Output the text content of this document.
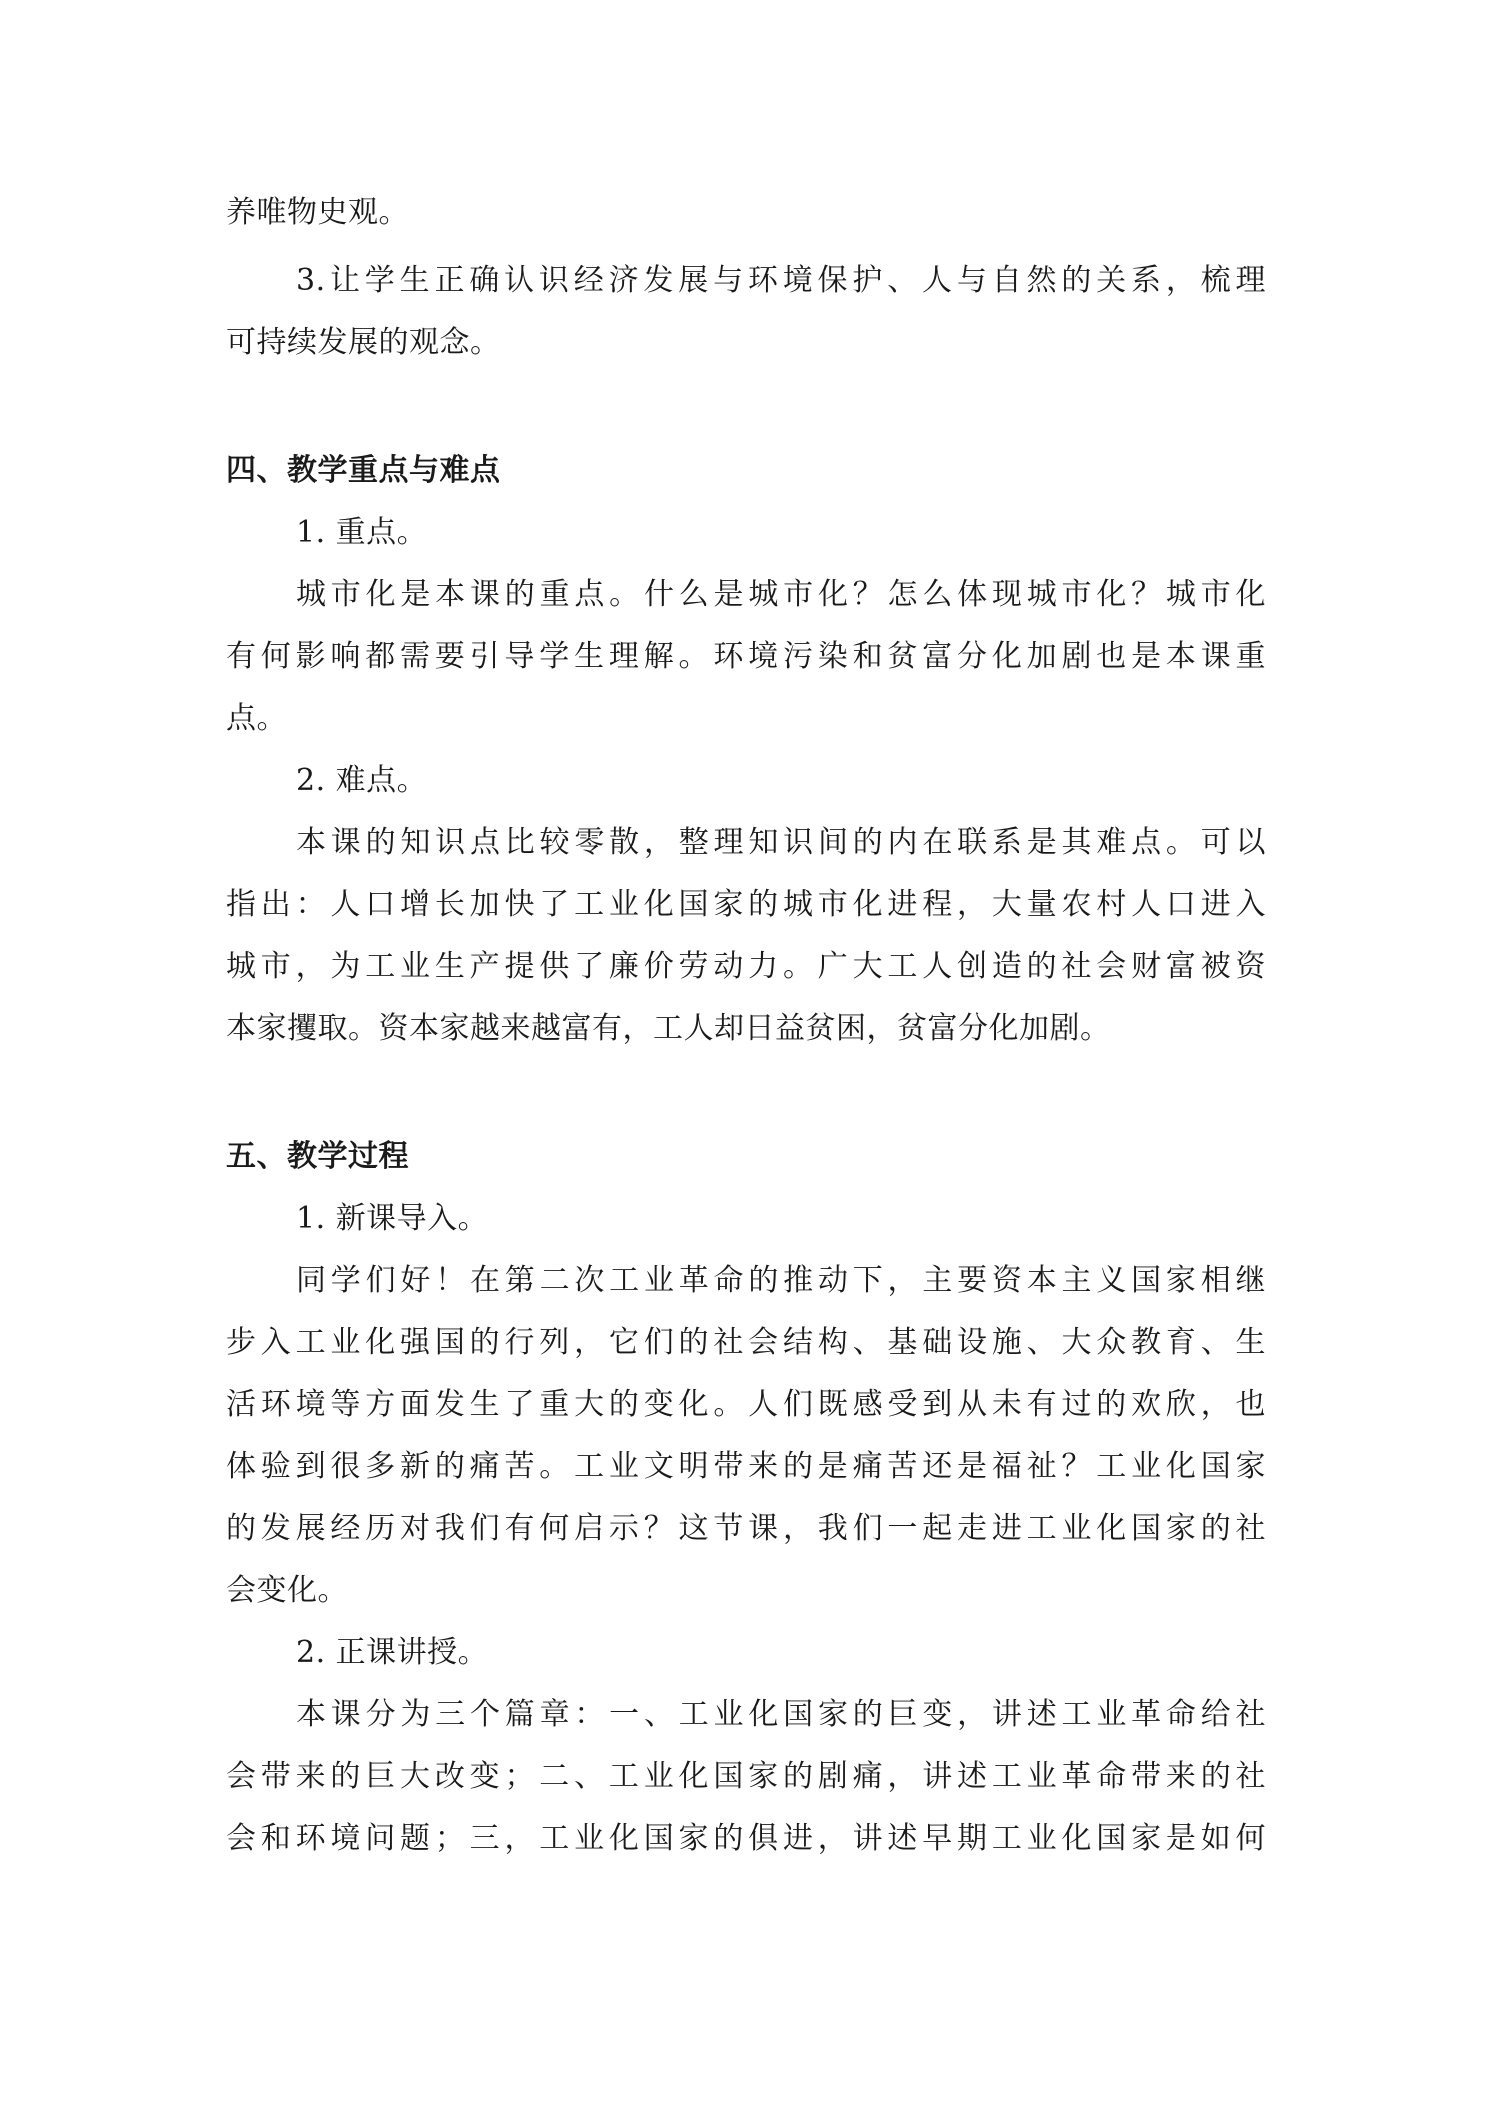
养唯物史观。
3.让学生正确认识经济发展与环境保护、人与自然的关系，梳理
可持续发展的观念。
四、教学重点与难点
1. 重点。
城市化是本课的重点。什么是城市化？怎么体现城市化？城市化
有何影响都需要引导学生理解。环境污染和贫富分化加剧也是本课重
点。
2. 难点。
本课的知识点比较零散，整理知识间的内在联系是其难点。可以
指出：人口增长加快了工业化国家的城市化进程，大量农村人口进入
城市，为工业生产提供了廉价劳动力。广大工人创造的社会财富被资
本家攫取。资本家越来越富有，工人却日益贫困，贫富分化加剧。
五、教学过程
1. 新课导入。
同学们好！在第二次工业革命的推动下，主要资本主义国家相继
步入工业化强国的行列，它们的社会结构、基础设施、大众教育、生
活环境等方面发生了重大的变化。人们既感受到从未有过的欢欣，也
体验到很多新的痛苦。工业文明带来的是痛苦还是福祉？工业化国家
的发展经历对我们有何启示？这节课，我们一起走进工业化国家的社
会变化。
2. 正课讲授。
本课分为三个篇章：一、工业化国家的巨变，讲述工业革命给社
会带来的巨大改变；二、工业化国家的剧痛，讲述工业革命带来的社
会和环境问题；三，工业化国家的俱进，讲述早期工业化国家是如何
